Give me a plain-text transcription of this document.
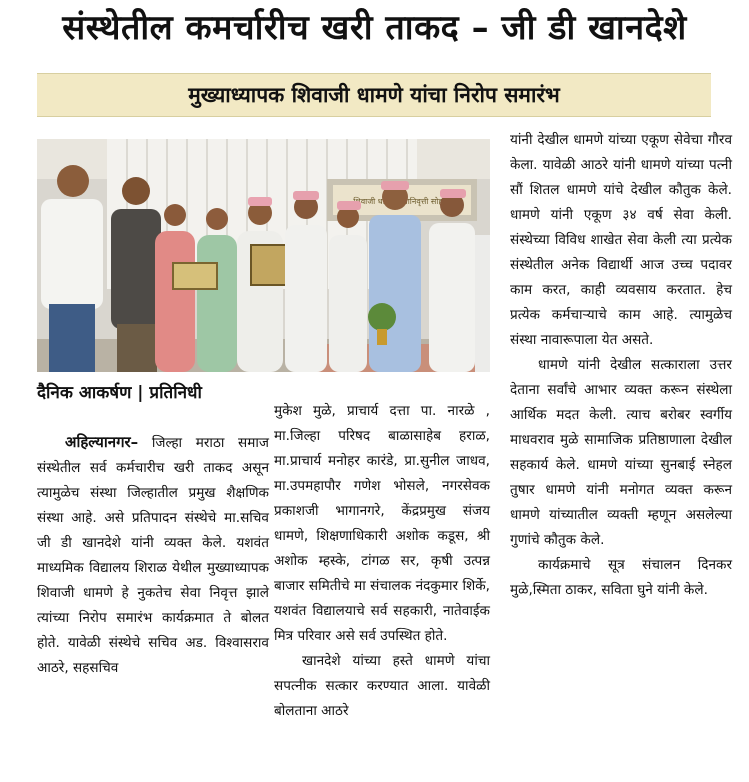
संस्थेतील कमर्चारीच खरी ताकद – जी डी खानदेशे
मुख्याध्यापक शिवाजी धामणे यांचा निरोप समारंभ
शिवाजी सेवानिवृत्ती
दैनिक आकर्षण | प्रतिनिधी

अहिल्यानगर– जिल्हा मराठा समाज संस्थेतील सर्व कर्मचारीच खरी ताकद असून त्यामुळेच संस्था जिल्हातील प्रमुख शैक्षणिक संस्था आहे. असे प्रतिपादन संस्थेचे मा.सचिव जी डी खानदेशे यांनी व्यक्त केले. यशवंत माध्यमिक विद्यालय शिराळ येथील मुख्याध्यापक शिवाजी धामणे हे नुकतेच सेवा निवृत्त झाले त्यांच्या निरोप समारंभ कार्यक्रमात ते बोलत होते. यावेळी संस्थेचे सचिव अड. विश्वासराव आठरे, सहसचिव

मुकेश मुळे, प्राचार्य दत्ता पा. नारळे , मा.जिल्हा परिषद बाळासाहेब हराळ, मा.प्राचार्य मनोहर कारंडे, प्रा.सुनील जाधव, मा.उपमहापौर गणेश भोसले, नगरसेवक प्रकाशजी भागानगरे, केंद्रप्रमुख संजय धामणे, शिक्षणाधिकारी अशोक कडूस, श्री अशोक म्हस्के, टांगळ सर, कृषी उत्पन्न बाजार समितीचे मा संचालक नंदकुमार शिर्के, यशवंत विद्यालयाचे सर्व सहकारी, नातेवाईक मित्र परिवार असे सर्व उपस्थित होते.

खानदेशे यांच्या हस्ते धामणे यांचा सपत्नीक सत्कार करण्यात आला. यावेळी बोलताना आठरे

यांनी देखील धामणे यांच्या एकूण सेवेचा गौरव केला. यावेळी आठरे यांनी धामणे यांच्या पत्नी सौं शितल धामणे यांचे देखील कौतुक केले. धामणे यांनी एकूण ३४ वर्ष सेवा केली. संस्थेच्या विविध शाखेत सेवा केली त्या प्रत्येक संस्थेतील अनेक विद्यार्थी आज उच्च पदावर काम करत, काही व्यवसाय करतात. हेच प्रत्येक कर्मचाऱ्याचे काम आहे. त्यामुळेच संस्था नावारूपाला येत असते.

धामणे यांनी देखील सत्काराला उत्तर देताना सर्वांचे आभार व्यक्त करून संस्थेला आर्थिक मदत केली. त्याच बरोबर स्वर्गीय माधवराव मुळे सामाजिक प्रतिष्ठाणाला देखील सहकार्य केले. धामणे यांच्या सुनबाई स्नेहल तुषार धामणे यांनी मनोगत व्यक्त करून धामणे यांच्यातील व्यक्ती म्हणून असलेल्या गुणांचे कौतुक केले.

कार्यक्रमाचे सूत्र संचालन दिनकर मुळे,स्मिता ठाकर, सविता घुने यांनी केले.
